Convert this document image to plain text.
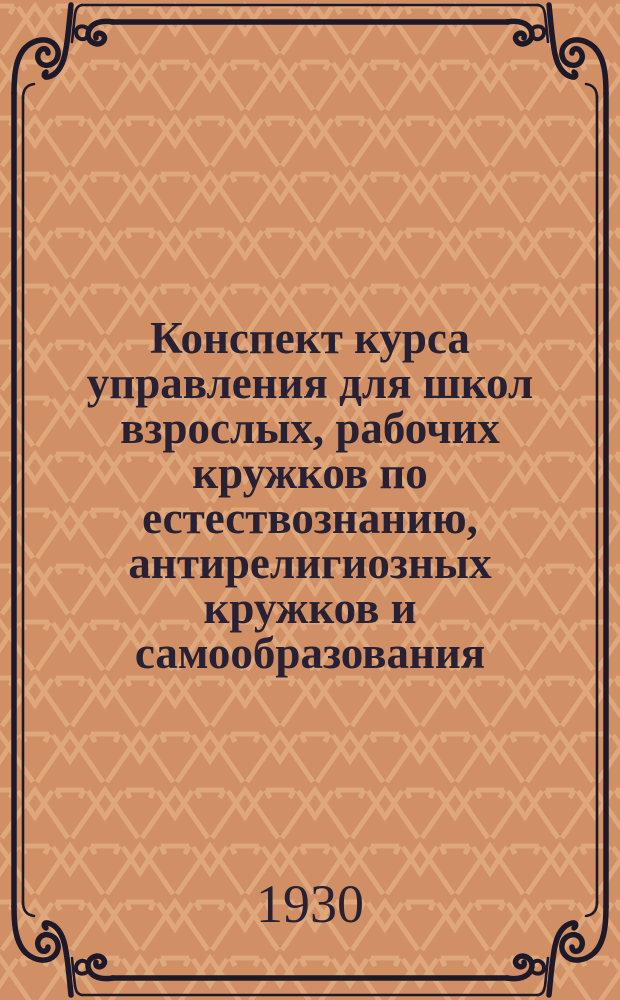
Конспект курса
управления для школ
взрослых, рабочих
кружков по
естествознанию,
антирелигиозных
кружков и
самообразования
1930
